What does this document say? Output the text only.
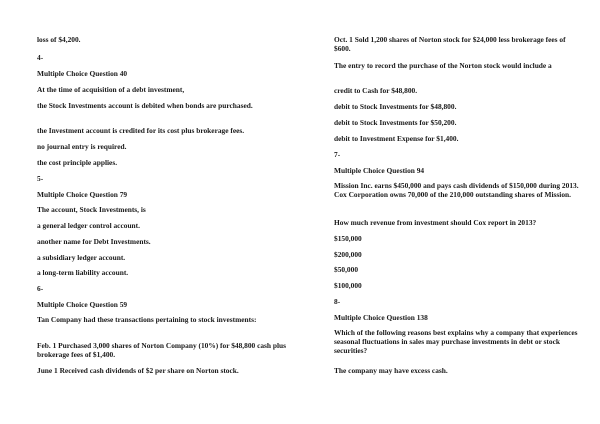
loss of $4,200.
4-
Multiple Choice Question 40
At the time of acquisition of a debt investment,
the Stock Investments account is debited when bonds are purchased.
the Investment account is credited for its cost plus brokerage fees.
no journal entry is required.
the cost principle applies.
5-
Multiple Choice Question 79
The account, Stock Investments, is
a general ledger control account.
another name for Debt Investments.
a subsidiary ledger account.
a long-term liability account.
6-
Multiple Choice Question 59
Tan Company had these transactions pertaining to stock investments:
Feb. 1 Purchased 3,000 shares of Norton Company (10%) for $48,800 cash plus brokerage fees of $1,400.
June 1 Received cash dividends of $2 per share on Norton stock.
Oct. 1 Sold 1,200 shares of Norton stock for $24,000 less brokerage fees of $600.
The entry to record the purchase of the Norton stock would include a
credit to Cash for $48,800.
debit to Stock Investments for $48,800.
debit to Stock Investments for $50,200.
debit to Investment Expense for $1,400.
7-
Multiple Choice Question 94
Mission Inc. earns $450,000 and pays cash dividends of $150,000 during 2013. Cox Corporation owns 70,000 of the 210,000 outstanding shares of Mission.
How much revenue from investment should Cox report in 2013?
$150,000
$200,000
$50,000
$100,000
8-
Multiple Choice Question 138
Which of the following reasons best explains why a company that experiences seasonal fluctuations in sales may purchase investments in debt or stock securities?
The company may have excess cash.
